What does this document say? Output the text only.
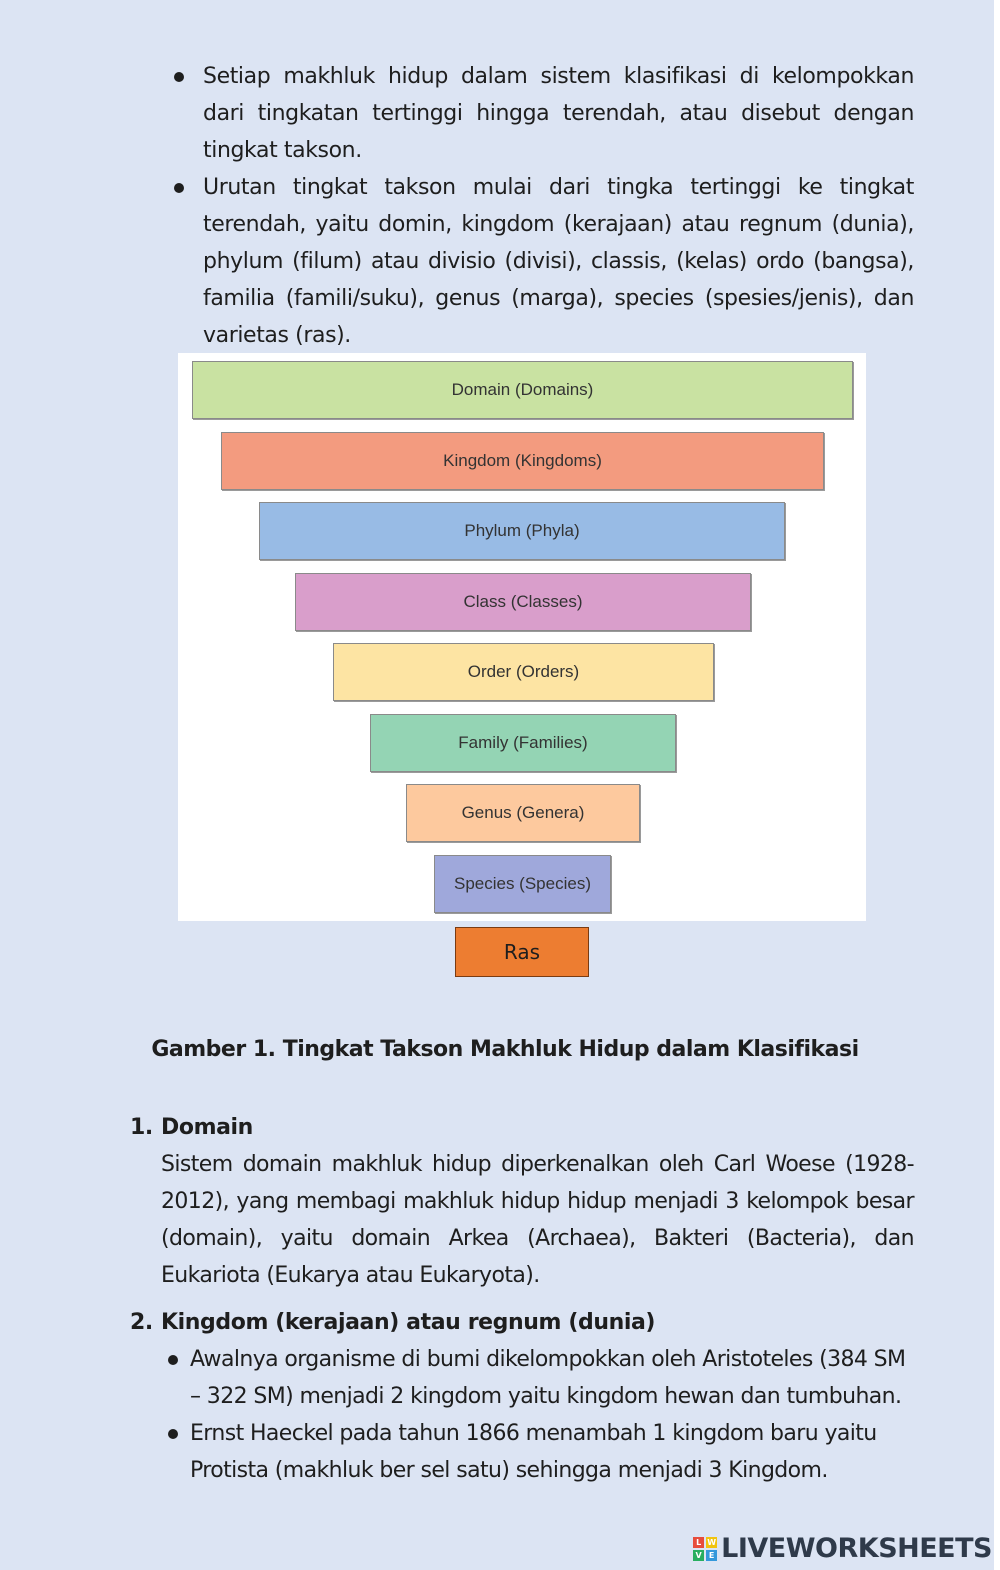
Setiap makhluk hidup dalam sistem klasifikasi di kelompokkan dari tingkatan tertinggi hingga terendah, atau disebut dengan tingkat takson.
Urutan tingkat takson mulai dari tingka tertinggi ke tingkat terendah, yaitu domin, kingdom (kerajaan) atau regnum (dunia), phylum (filum) atau divisio (divisi), classis, (kelas) ordo (bangsa), familia (famili/suku), genus (marga), species (spesies/jenis), dan varietas (ras).
Domain (Domains)
Kingdom (Kingdoms)
Phylum (Phyla)
Class (Classes)
Order (Orders)
Family (Families)
Genus (Genera)
Species (Species)
Ras
Gamber 1. Tingkat Takson Makhluk Hidup dalam Klasifikasi
1. Domain
Sistem domain makhluk hidup diperkenalkan oleh Carl Woese (1928-2012), yang membagi makhluk hidup hidup menjadi 3 kelompok besar (domain), yaitu domain Arkea (Archaea), Bakteri (Bacteria), dan Eukariota (Eukarya atau Eukaryota).
2. Kingdom (kerajaan) atau regnum (dunia)
Awalnya organisme di bumi dikelompokkan oleh Aristoteles (384 SM – 322 SM) menjadi 2 kingdom yaitu kingdom hewan dan tumbuhan.
Ernst Haeckel pada tahun 1866 menambah 1 kingdom baru yaitu Protista (makhluk ber sel satu) sehingga menjadi 3 Kingdom.
L W
V E LIVEWORKSHEETS
